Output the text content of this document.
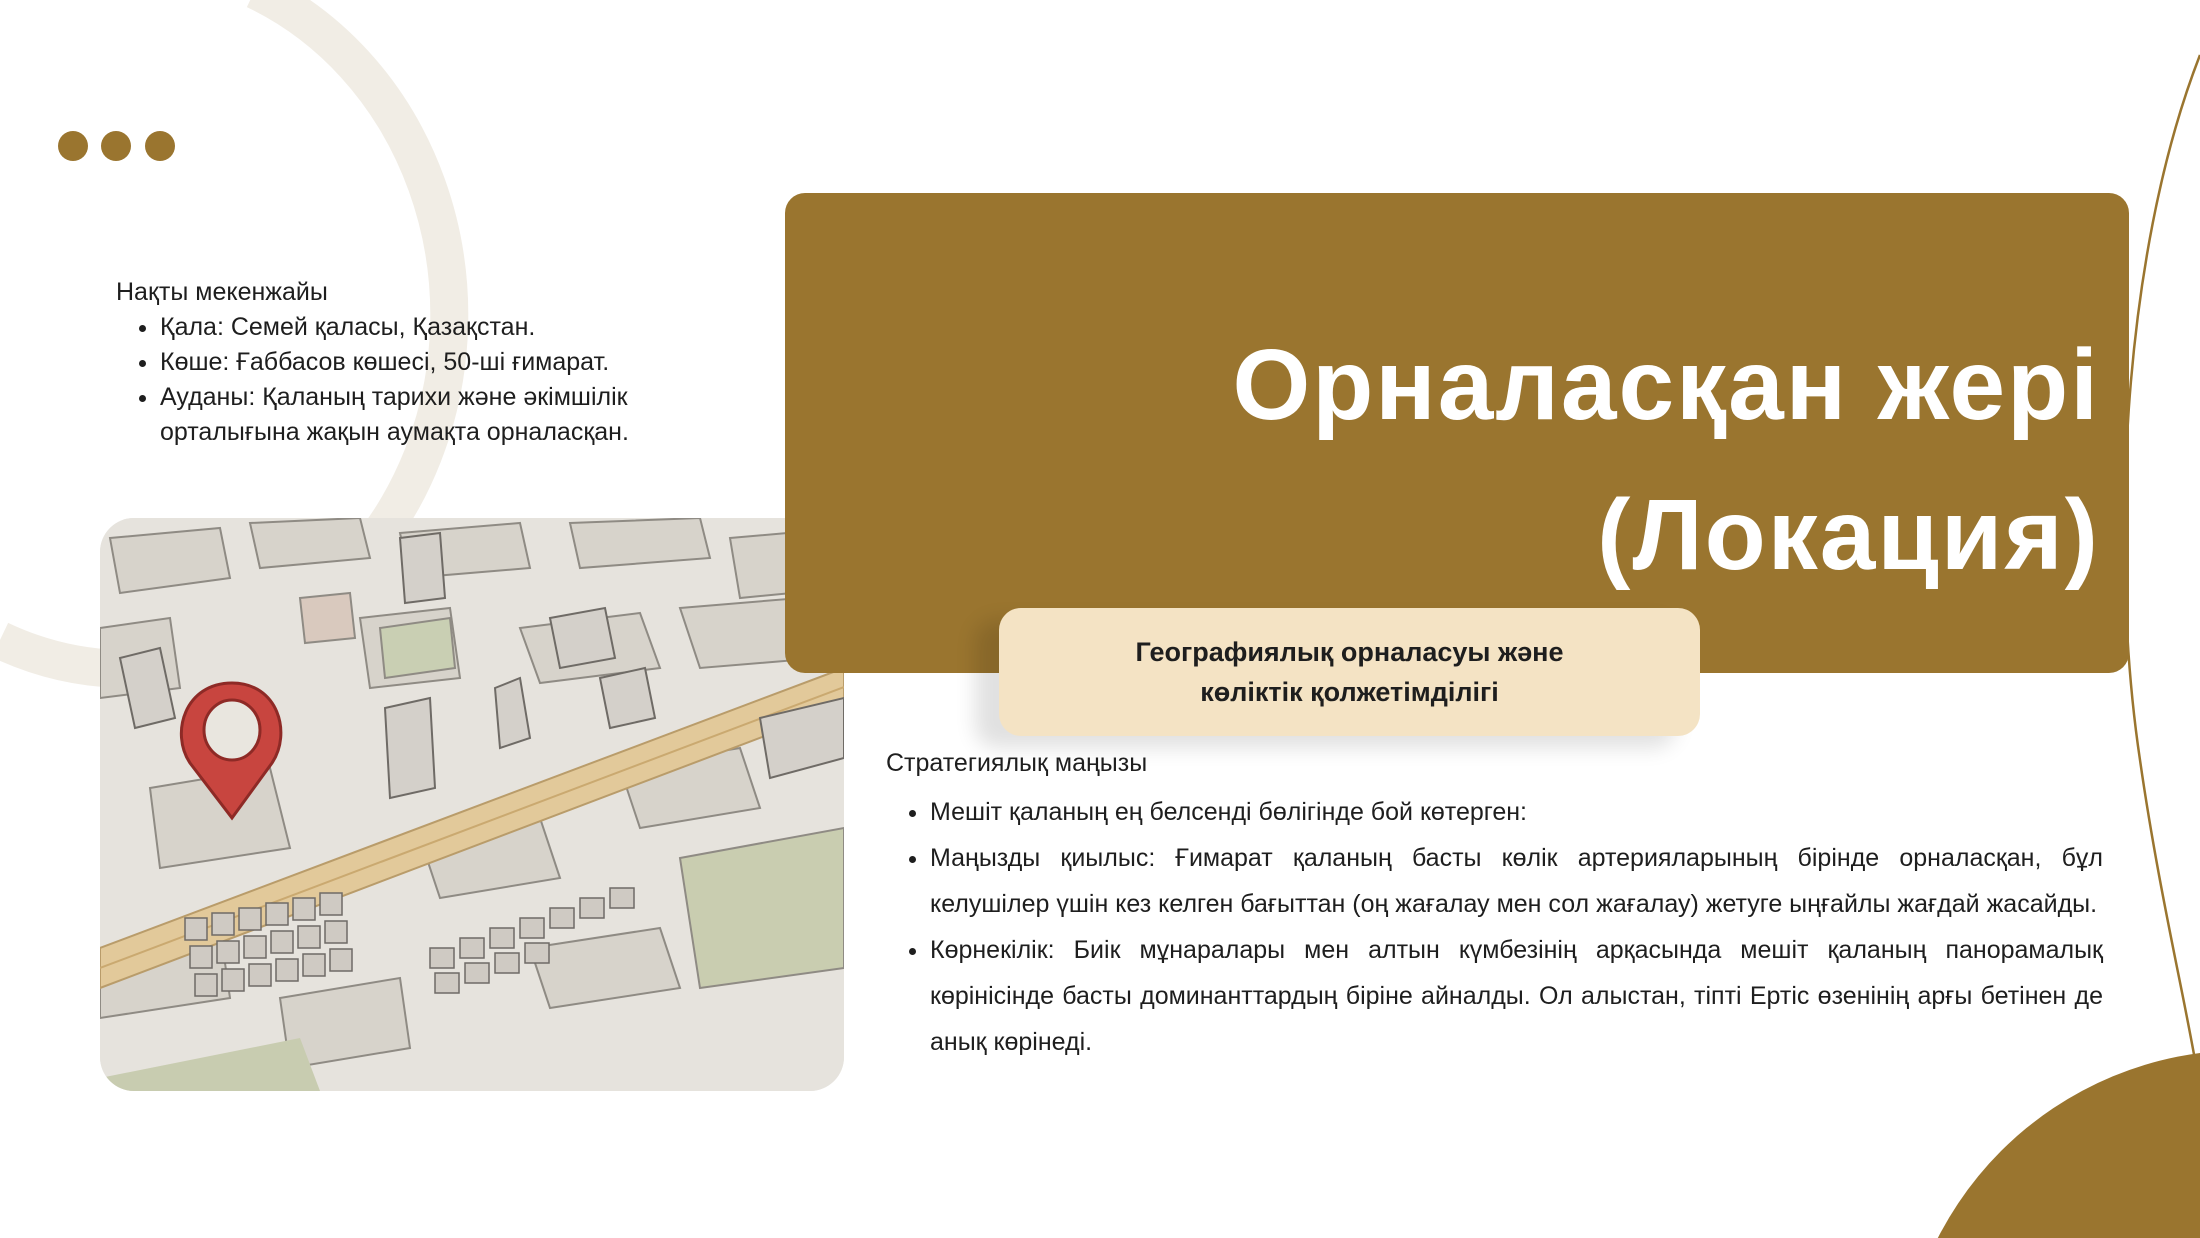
Нақты мекенжайы
• Қала: Семей қаласы, Қазақстан.
• Көше: Ғаббасов көшесі, 50-ші ғимарат.
• Ауданы: Қаланың тарихи және әкімшілік орталығына жақын аумақта орналасқан.	Орналасқан жері
(Локация)
Географиялық орналасуы және
көліктік қолжетімділігі
Стратегиялық маңызы
• Мешіт қаланың ең белсенді бөлігінде бой көтерген:
• Маңызды қиылыс: Ғимарат қаланың басты көлік артерияларының бірінде орналасқан, бұл келушілер үшін кез келген бағыттан (оң жағалау мен сол жағалау) жетуге ыңғайлы жағдай жасайды.
• Көрнекілік: Биік мұнаралары мен алтын күмбезінің арқасында мешіт қаланың панорамалық көрінісінде басты доминанттардың біріне айналды. Ол алыстан, тіпті Ертіс өзенінің арғы бетінен де анық көрінеді.
